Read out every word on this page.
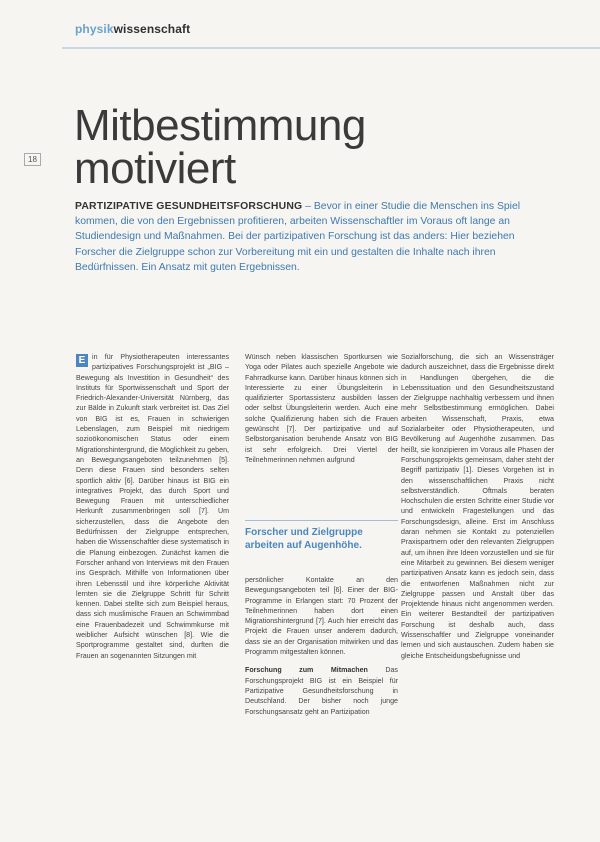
physikwissenschaft
18
Mitbestimmung
motiviert

PARTIZIPATIVE GESUNDHEITSFORSCHUNG – Bevor in einer Studie die Menschen ins Spiel kommen, die von den Ergebnissen profitieren, arbeiten Wissenschaftler im Voraus oft lange an Studiendesign und Maßnahmen. Bei der partizipativen Forschung ist das anders: Hier beziehen Forscher die Zielgruppe schon zur Vorbereitung mit ein und gestalten die Inhalte nach ihren Bedürfnissen. Ein Ansatz mit guten Ergebnissen.

E in für Physiotherapeuten interessantes partizipatives Forschungsprojekt ist „BIG – Bewegung als Investition in Gesundheit“ des Instituts für Sportwissenschaft und Sport der Friedrich-Alexander-Universität Nürnberg, das zur Bälde in Zukunft stark verbreitet ist. Das Ziel von BIG ist es, Frauen in schwierigen Lebenslagen, zum Beispiel mit niedrigem sozioökonomischen Status oder einem Migrationshintergrund, die Möglichkeit zu geben, an Bewegungsangeboten teilzunehmen [5]. Denn diese Frauen sind besonders selten sportlich aktiv [6]. Darüber hinaus ist BIG ein integratives Projekt, das durch Sport und Bewegung Frauen mit unterschiedlicher Herkunft zusammenbringen soll [7]. Um sicherzustellen, dass die Angebote den Bedürfnissen der Zielgruppe entsprechen, haben die Wissenschaftler diese systematisch in die Planung einbezogen. Zunächst kamen die Forscher anhand von Interviews mit den Frauen ins Gespräch. Mithilfe von Informationen über ihren Lebensstil und ihre körperliche Aktivität lernten sie die Zielgruppe Schritt für Schritt kennen. Dabei stellte sich zum Beispiel heraus, dass sich muslimische Frauen an Schwimmbad eine Frauenbadezeit und Schwimmkurse mit weiblicher Aufsicht wünschen [8]. Wie die Sportprogramme gestaltet sind, durften die Frauen an sogenannten Sitzungen mit

Wünsch neben klassischen Sportkursen wie Yoga oder Pilates auch spezielle Angebote wie Fahrradkurse kann. Darüber hinaus können sich Interessierte zu einer Übungsleiterin in qualifizierter Sportassistenz ausbilden lassen oder selbst Übungsleiterin werden. Auch eine solche Qualifizierung haben sich die Frauen gewünscht [7]. Der partizipative und auf Selbstorganisation beruhende Ansatz von BIG ist sehr erfolgreich. Drei Viertel der Teilnehmerinnen nehmen aufgrund

Forscher und Zielgruppe arbeiten auf Augenhöhe.

persönlicher Kontakte an den Bewegungsangeboten teil [6]. Einer der BIG-Programme in Erlangen start: 70 Prozent der Teilnehmerinnen haben dort einen Migrationshintergrund [7]. Auch hier erreicht das Projekt die Frauen unser anderem dadurch, dass sie an der Organisation mitwirken und das Programm mitgestalten können.

Forschung zum Mitmachen Das Forschungsprojekt BIG ist ein Beispiel für Partizipative Gesundheitsforschung in Deutschland. Der bisher noch junge Forschungsansatz geht an Partizipation

Sozialforschung, die sich an Wissensträger dadurch auszeichnet, dass die Ergebnisse direkt in Handlungen übergehen, die die Lebenssituation und den Gesundheitszustand der Zielgruppe nachhaltig verbessern und ihnen mehr Selbstbestimmung ermöglichen. Dabei arbeiten Wissenschaft, Praxis, etwa Sozialarbeiter oder Physiotherapeuten, und Bevölkerung auf Augenhöhe zusammen. Das heißt, sie konzipieren im Voraus alle Phasen der Forschungsprojekts gemeinsam, daher steht der Begriff partizipativ [1]. Dieses Vorgehen ist in den wissenschaftlichen Praxis nicht selbstverständlich. Oftmals beraten Hochschulen die ersten Schritte einer Studie vor und entwickeln Fragestellungen und das Forschungsdesign, alleine. Erst im Anschluss daran nehmen sie Kontakt zu potenziellen Praxispartnern oder den relevanten Zielgruppen auf, um ihnen ihre Ideen vorzustellen und sie für eine Mitarbeit zu gewinnen. Bei diesem weniger partizipativen Ansatz kann es jedoch sein, dass die entworfenen Maßnahmen nicht zur Zielgruppe passen und Anstalt über das Projektende hinaus nicht angenommen werden. Ein weiterer Bestandteil der partizipativen Forschung ist deshalb auch, dass Wissenschaftler und Zielgruppe voneinander lernen und sich austauschen. Zudem haben sie gleiche Entscheidungsbefugnisse und
